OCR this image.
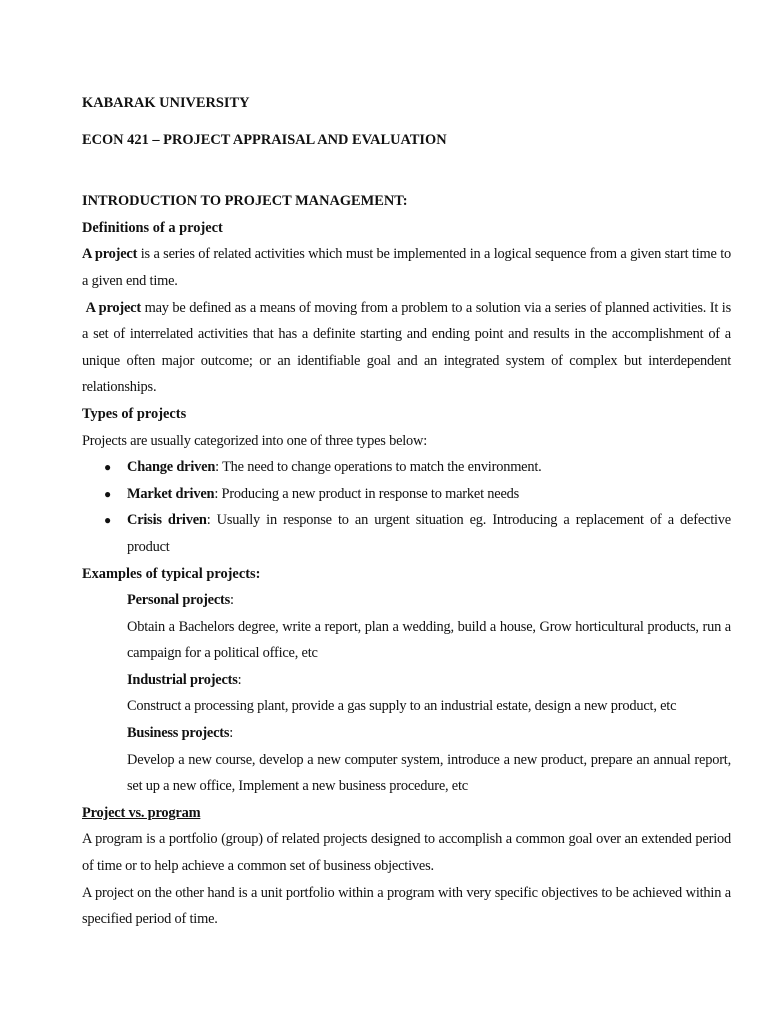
KABARAK UNIVERSITY
ECON 421 – PROJECT APPRAISAL AND EVALUATION
INTRODUCTION TO PROJECT MANAGEMENT:
Definitions of a project

A project is a series of related activities which must be implemented in a logical sequence from a given start time to a given end time.

A project may be defined as a means of moving from a problem to a solution via a series of planned activities. It is a set of interrelated activities that has a definite starting and ending point and results in the accomplishment of a unique often major outcome; or an identifiable goal and an integrated system of complex but interdependent relationships.

Types of projects
Projects are usually categorized into one of three types below:
● Change driven: The need to change operations to match the environment.
● Market driven: Producing a new product in response to market needs
● Crisis driven: Usually in response to an urgent situation eg. Introducing a replacement of a defective product
Examples of typical projects:
Personal projects:
Obtain a Bachelors degree, write a report, plan a wedding, build a house, Grow horticultural products, run a campaign for a political office, etc
Industrial projects:
Construct a processing plant, provide a gas supply to an industrial estate, design a new product, etc
Business projects:
Develop a new course, develop a new computer system, introduce a new product, prepare an annual report, set up a new office, Implement a new business procedure, etc
Project vs. program

A program is a portfolio (group) of related projects designed to accomplish a common goal over an extended period of time or to help achieve a common set of business objectives.

A project on the other hand is a unit portfolio within a program with very specific objectives to be achieved within a specified period of time.
